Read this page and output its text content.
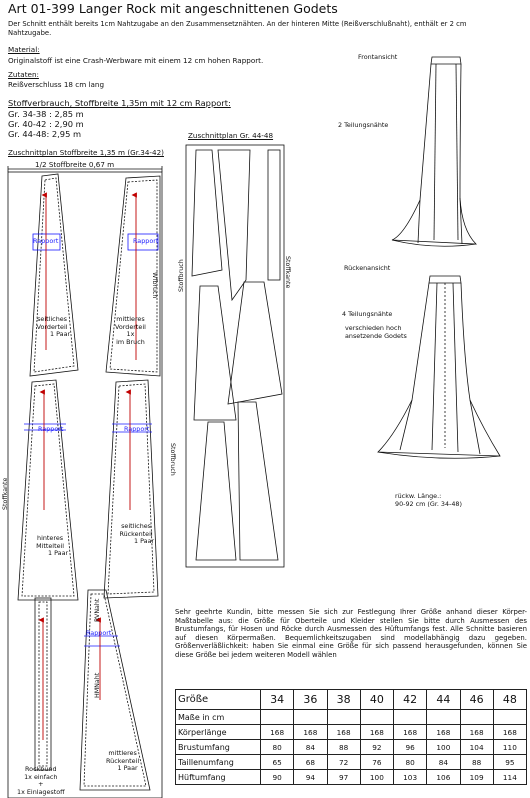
Art 01-399 Langer Rock mit angeschnittenen Godets
Der Schnitt enthält bereits 1cm Nahtzugabe an den Zusammensetznähten. An der hinteren Mitte (Reißverschlußnaht), enthält er 2 cm Nahtzugabe.
Material:
Originalstoff ist eine Crash-Werbware mit einem 12 cm hohen Rapport.
Zutaten:
Reißverschluss 18 cm lang
Stoffverbrauch, Stoffbreite 1,35m mit 12 cm Rapport:
Gr. 34-38 : 2,85 m
Gr. 40-42 : 2,90 m
Gr. 44-48: 2,95 m
Zuschnittplan Stoffbreite 1,35 m (Gr.34-42)
1/2 Stoffbreite 0,67 m
Rapport	Rapport
Rapport	Rapport
Rapport
Stoffkante
Wfbruch
seitliches
Vorderteil
1 Paar
mittleres
Vorderteil
1x
im Bruch
hinteres
Mittelteil
1 Paar
seitliches
Rückenteil
1 Paar
mittleres
Rückenteil
1 Paar
Rockbund
1x einfach
+
1x Einlagestoff
RVNaht
HMNaht
Zuschnittplan Gr. 44-48
Stoffbruch	Stoffkante
Stoffbruch
Frontansicht
2 Teilungsnähte
Rückenansicht
4 Teilungsnähte
verschieden hoch
ansetzende Godets
rückw. Länge.:
90-92 cm (Gr. 34-48)
Sehr geehrte Kundin, bitte messen Sie sich zur Festlegung Ihrer Größe anhand dieser Körper-Maßtabelle aus: die Größe für Oberteile und Kleider stellen Sie bitte durch Ausmessen des Brustumfangs, für Hosen und Röcke durch Ausmessen des Hüftumfangs fest. Alle Schnitte basieren auf diesen Körpermaßen. Bequemlichkeitszugaben sind modellabhängig dazu gegeben. Größenverläßlichkeit: haben Sie einmal eine Größe für sich passend herausgefunden, können Sie diese Größe bei jedem weiteren Modell wählen
Größe	34	36	38	40	42	44	46	48
Maße in cm								
Körperlänge	168	168	168	168	168	168	168	168
Brustumfang	80	84	88	92	96	100	104	110
Taillenumfang	65	68	72	76	80	84	88	95
Hüftumfang	90	94	97	100	103	106	109	114
